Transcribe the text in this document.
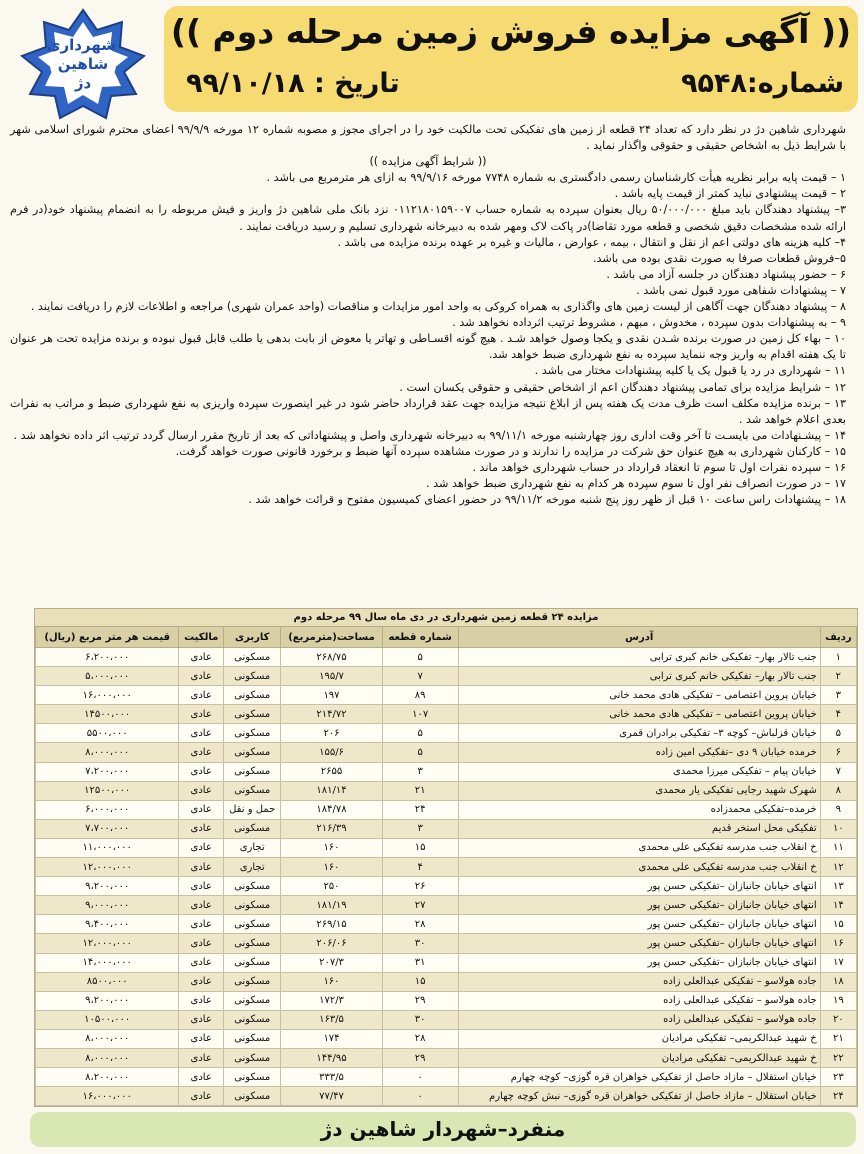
شهرداری
شاهین دژ
(( آگهی مزایده فروش زمین مرحله دوم ))
شماره:۹۵۴۸
تاریخ : ۹۹/۱۰/۱۸

شهرداری شاهین دژ در نظر دارد که تعداد ۲۴ قطعه از زمین های تفکیکی تحت مالکیت خود را در اجرای مجوز و مصوبه شماره ۱۲ مورخه ۹۹/۹/۹ اعضای محترم شورای اسلامی شهر با شرایط ذیل به اشخاص حقیقی و حقوقی واگذار نماید .

(( شرایط آگهی مزایده ))

۱ – قیمت پایه برابر نظریه هیأت کارشناسان رسمی دادگستری به شماره ۷۷۴۸ مورخه ۹۹/۹/۱۶ به ازای هر مترمربع می باشد .

۲ – قیمت پیشنهادی نباید کمتر از قیمت پایه باشد .

۳– پیشنهاد دهندگان باید مبلغ ۵۰/۰۰۰/۰۰۰ ریال بعنوان سپرده به شماره حساب ۰۱۱۲۱۸۰۱۵۹۰۰۷ نزد بانک ملی شاهین دژ واریز و فیش مربوطه را به انضمام پیشنهاد خود(در فرم ارائه شده مشخصات دقیق شخصی و قطعه مورد تقاضا)در پاکت لاک ومهر شده به دبیرخانه شهرداری تسلیم و رسید دریافت نمایند .

۴– کلیه هزینه های دولتی اعم از نقل و انتقال ، بیمه ، عوارض ، مالیات و غیره بر عهده برنده مزایده می باشد .

۵–فروش قطعات صرفا به صورت نقدی بوده می باشد.

۶ – حضور پیشنهاد دهندگان در جلسه آزاد می باشد .

۷ – پیشنهادات شفاهی مورد قبول نمی باشد .

۸ – پیشنهاد دهندگان جهت آگاهی از لیست زمین های واگذاری به همراه کروکی به واحد امور مزایدات و مناقصات (واحد عمران شهری) مراجعه و اطلاعات لازم را دریافت نمایند .

۹ – به پیشنهادات بدون سپرده ، مخدوش ، مبهم ، مشروط ترتیب اثرداده نخواهد شد .

۱۰ – بهاء کل زمین در صورت برنده شـدن نقدی و یکجا وصول خواهد شـد . هیچ گونه اقسـاطی و تهاتر یا معوض از بابت بدهی یا طلب قابل قبول نبوده و برنده مزایده تحت هر عنوان تا یک هفته اقدام به واریز وجه ننماید سپرده به نفع شهرداری ضبط خواهد شد.

۱۱ – شهرداری در رد یا قبول یک یا کلیه پیشنهادات مختار می باشد .

۱۲ – شرایط مزایده برای تمامی پیشنهاد دهندگان اعم از اشخاص حقیقی و حقوقی یکسان است .

۱۳ – برنده مزایده مکلف است ظرف مدت یک هفته پس از ابلاغ نتیجه مزایده جهت عقد قرارداد حاضر شود در غیر اینصورت سپرده واریزی به نفع شهرداری ضبط و مراتب به نفرات بعدی اعلام خواهد شد .

۱۴ – پیشـنهادات می بایسـت تا آخر وقت اداری روز چهارشنبه مورخه ۹۹/۱۱/۱ به دبیرخانه شهرداری واصل و پیشنهاداتی که بعد از تاریخ مقرر ارسال گردد ترتیب اثر داده نخواهد شد .

۱۵ – کارکنان شهرداری به هیچ عنوان حق شرکت در مزایده را ندارند و در صورت مشاهده سپرده آنها ضبط و برخورد قانونی صورت خواهد گرفت.

۱۶ – سپرده نفرات اول تا سوم تا انعقاد قرارداد در حساب شهرداری خواهد ماند .

۱۷ – در صورت انصراف نفر اول تا سوم سپرده هر کدام به نفع شهرداری ضبط خواهد شد .

۱۸ – پیشنهادات راس ساعت ۱۰ قبل از ظهر روز پنج شنبه مورخه ۹۹/۱۱/۲ در حضور اعضای کمیسیون مفتوح و قرائت خواهد شد .

مزایده ۲۴ قطعه زمین شهرداری در دی ماه سال ۹۹ مرحله دوم
ردیف	آدرس	شماره قطعه	مساحت(مترمربع)	کاربری	مالکیت	قیمت هر متر مربع (ریال)
۱	جنب تالار بهار– تفکیکی خانم کبری ترابی	۵	۲۶۸/۷۵	مسکونی	عادی	۶،۲۰۰،۰۰۰
۲	جنب تالار بهار– تفکیکی خانم کبری ترابی	۷	۱۹۵/۷	مسکونی	عادی	۵،۰۰۰،۰۰۰
۳	خیابان پروین اعتصامی – تفکیکی هادی محمد خانی	۸۹	۱۹۷	مسکونی	عادی	۱۶،۰۰۰،۰۰۰
۴	خیابان پروین اعتصامی – تفکیکی هادی محمد خانی	۱۰۷	۲۱۴/۷۲	مسکونی	عادی	۱۴۵۰۰،۰۰۰
۵	خیابان قزلباش– کوچه ۳– تفکیکی برادران قمری	۵	۲۰۶	مسکونی	عادی	۵۵۰۰،۰۰۰
۶	خرمده خیابان ۹ دی –تفکیکی امین زاده	۵	۱۵۵/۶	مسکونی	عادی	۸،۰۰۰،۰۰۰
۷	خیابان پیام – تفکیکی میرزا محمدی	۳	۲۶۵۵	مسکونی	عادی	۷،۲۰۰،۰۰۰
۸	شهرک شهید رجایی تفکیکی یار محمدی	۲۱	۱۸۱/۱۴	مسکونی	عادی	۱۲۵۰۰،۰۰۰
۹	خرمده–تفکیکی محمدزاده	۲۴	۱۸۴/۷۸	حمل و نقل	عادی	۶،۰۰۰،۰۰۰
۱۰	تفکیکی محل استخر قدیم	۳	۲۱۶/۳۹	مسکونی	عادی	۷،۷۰۰،۰۰۰
۱۱	خ انقلاب جنب مدرسه تفکیکی علی محمدی	۱۵	۱۶۰	تجاری	عادی	۱۱،۰۰۰،۰۰۰
۱۲	خ انقلاب جنب مدرسه تفکیکی علی محمدی	۴	۱۶۰	تجاری	عادی	۱۲،۰۰۰،۰۰۰
۱۳	انتهای خیابان جانبازان –تفکیکی حسن پور	۲۶	۲۵۰	مسکونی	عادی	۹،۲۰۰،۰۰۰
۱۴	انتهای خیابان جانبازان –تفکیکی حسن پور	۲۷	۱۸۱/۱۹	مسکونی	عادی	۹،۰۰۰،۰۰۰
۱۵	انتهای خیابان جانبازان –تفکیکی حسن پور	۲۸	۲۶۹/۱۵	مسکونی	عادی	۹،۴۰۰،۰۰۰
۱۶	انتهای خیابان جانبازان –تفکیکی حسن پور	۳۰	۲۰۶/۰۶	مسکونی	عادی	۱۲،۰۰۰،۰۰۰
۱۷	انتهای خیابان جانبازان –تفکیکی حسن پور	۳۱	۲۰۷/۳	مسکونی	عادی	۱۴،۰۰۰،۰۰۰
۱۸	جاده هولاسو – تفکیکی عبدالعلی زاده	۱۵	۱۶۰	مسکونی	عادی	۸۵۰۰،۰۰۰
۱۹	جاده هولاسو – تفکیکی عبدالعلی زاده	۲۹	۱۷۲/۳	مسکونی	عادی	۹،۲۰۰،۰۰۰
۲۰	جاده هولاسو – تفکیکی عبدالعلی زاده	۳۰	۱۶۳/۵	مسکونی	عادی	۱۰۵۰۰،۰۰۰
۲۱	خ شهید عبدالکریمی– تفکیکی مرادیان	۲۸	۱۷۴	مسکونی	عادی	۸،۰۰۰،۰۰۰
۲۲	خ شهید عبدالکریمی– تفکیکی مرادیان	۲۹	۱۴۴/۹۵	مسکونی	عادی	۸،۰۰۰،۰۰۰
۲۳	خیابان استقلال – مازاد حاصل از تفکیکی خواهران قره گوزی– کوچه چهارم	٠	۳۳۳/۵	مسکونی	عادی	۸،۲۰۰،۰۰۰
۲۴	خیابان استقلال – مازاد حاصل از تفکیکی خواهران قره گوزی– نبش کوچه چهارم	٠	۷۷/۴۷	مسکونی	عادی	۱۶،۰۰۰،۰۰۰
منفرد–شهردار شاهین دژ
